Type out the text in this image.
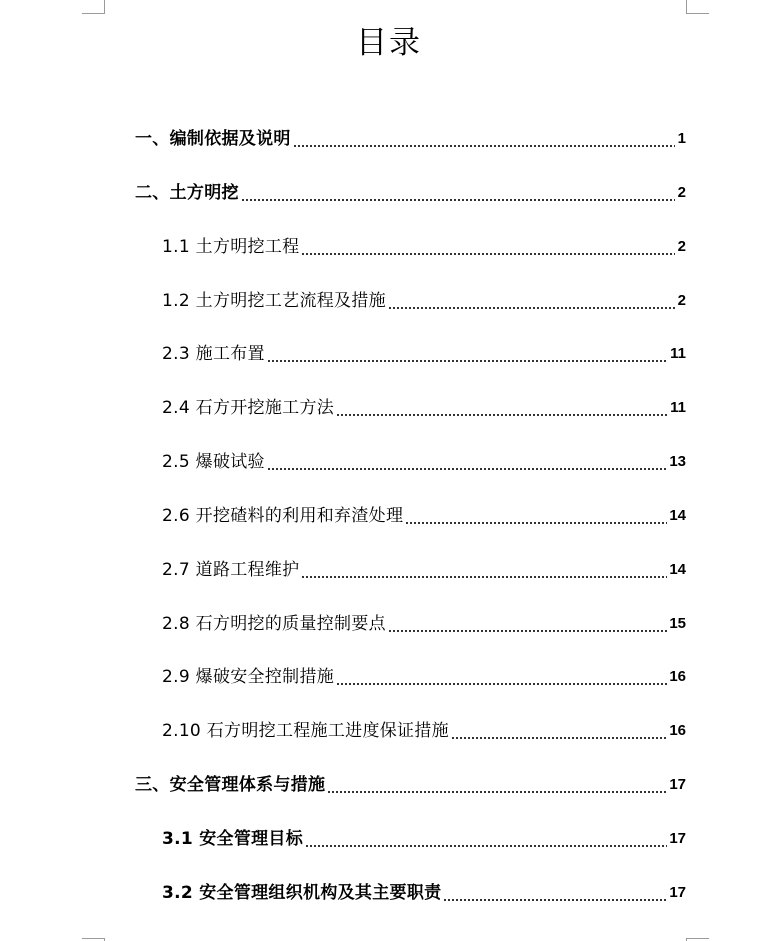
目录
一、编制依据及说明	1
二、土方明挖	2
1.1 土方明挖工程	2
1.2 土方明挖工艺流程及措施	2
2.3 施工布置	11
2.4 石方开挖施工方法	11
2.5 爆破试验	13
2.6 开挖碴料的利用和弃渣处理	14
2.7 道路工程维护	14
2.8 石方明挖的质量控制要点	15
2.9 爆破安全控制措施	16
2.10 石方明挖工程施工进度保证措施	16
三、安全管理体系与措施	17
3.1 安全管理目标	17
3.2 安全管理组织机构及其主要职责	17
